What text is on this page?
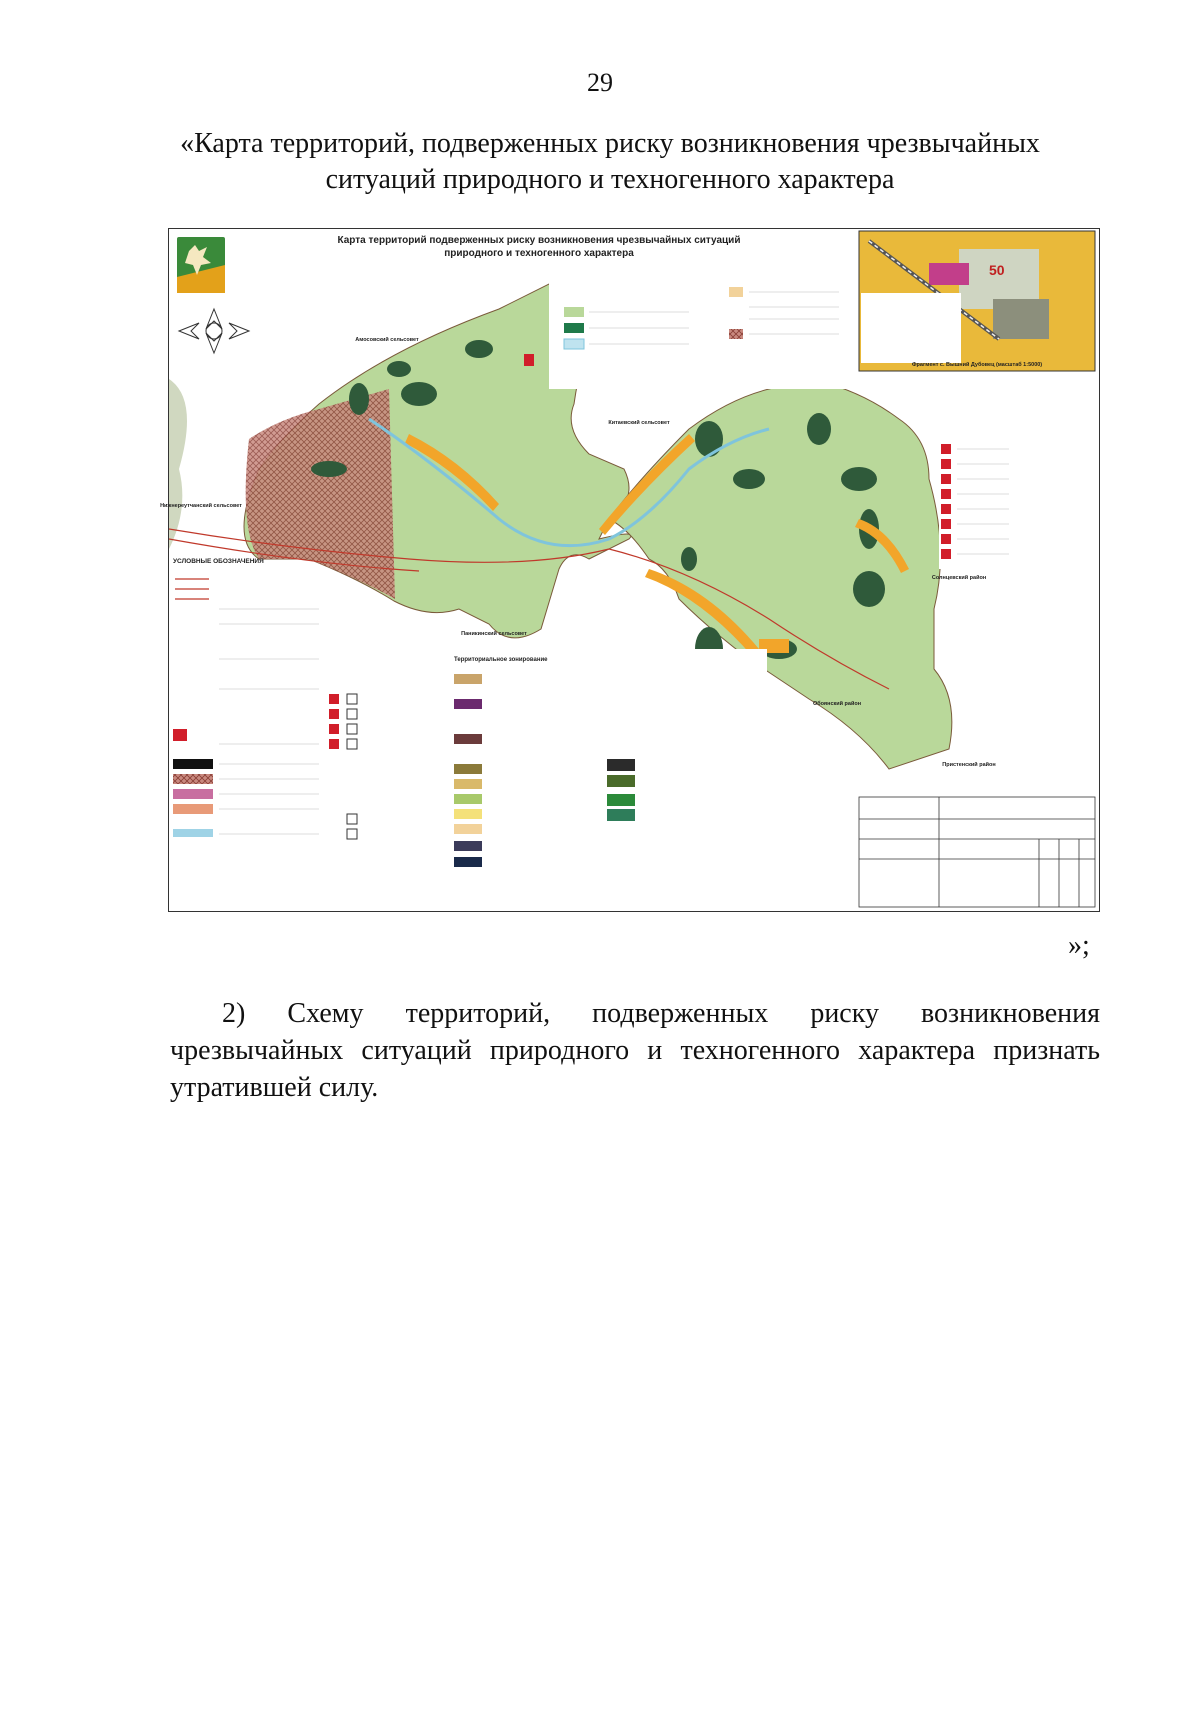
29
«Карта территорий, подверженных риску возникновения чрезвычайных ситуаций природного и техногенного характера
Карта территорий подверженных риску возникновения чрезвычайных ситуаций
природного и техногенного характера
50
Фрагмент с. Вышний Дубовец (масштаб 1:5000)
Амосовский сельсовет
Китаевский сельсовет
Нижнереутчанский сельсовет
Паникинский сельсовет
Солнцевский район
Обоянский район
Пристенский район
УСЛОВНЫЕ ОБОЗНАЧЕНИЯ
Территориальное зонирование
»;
2) Схему территорий, подверженных риску возникновения чрезвычайных ситуаций природного и техногенного характера признать утратившей силу.
